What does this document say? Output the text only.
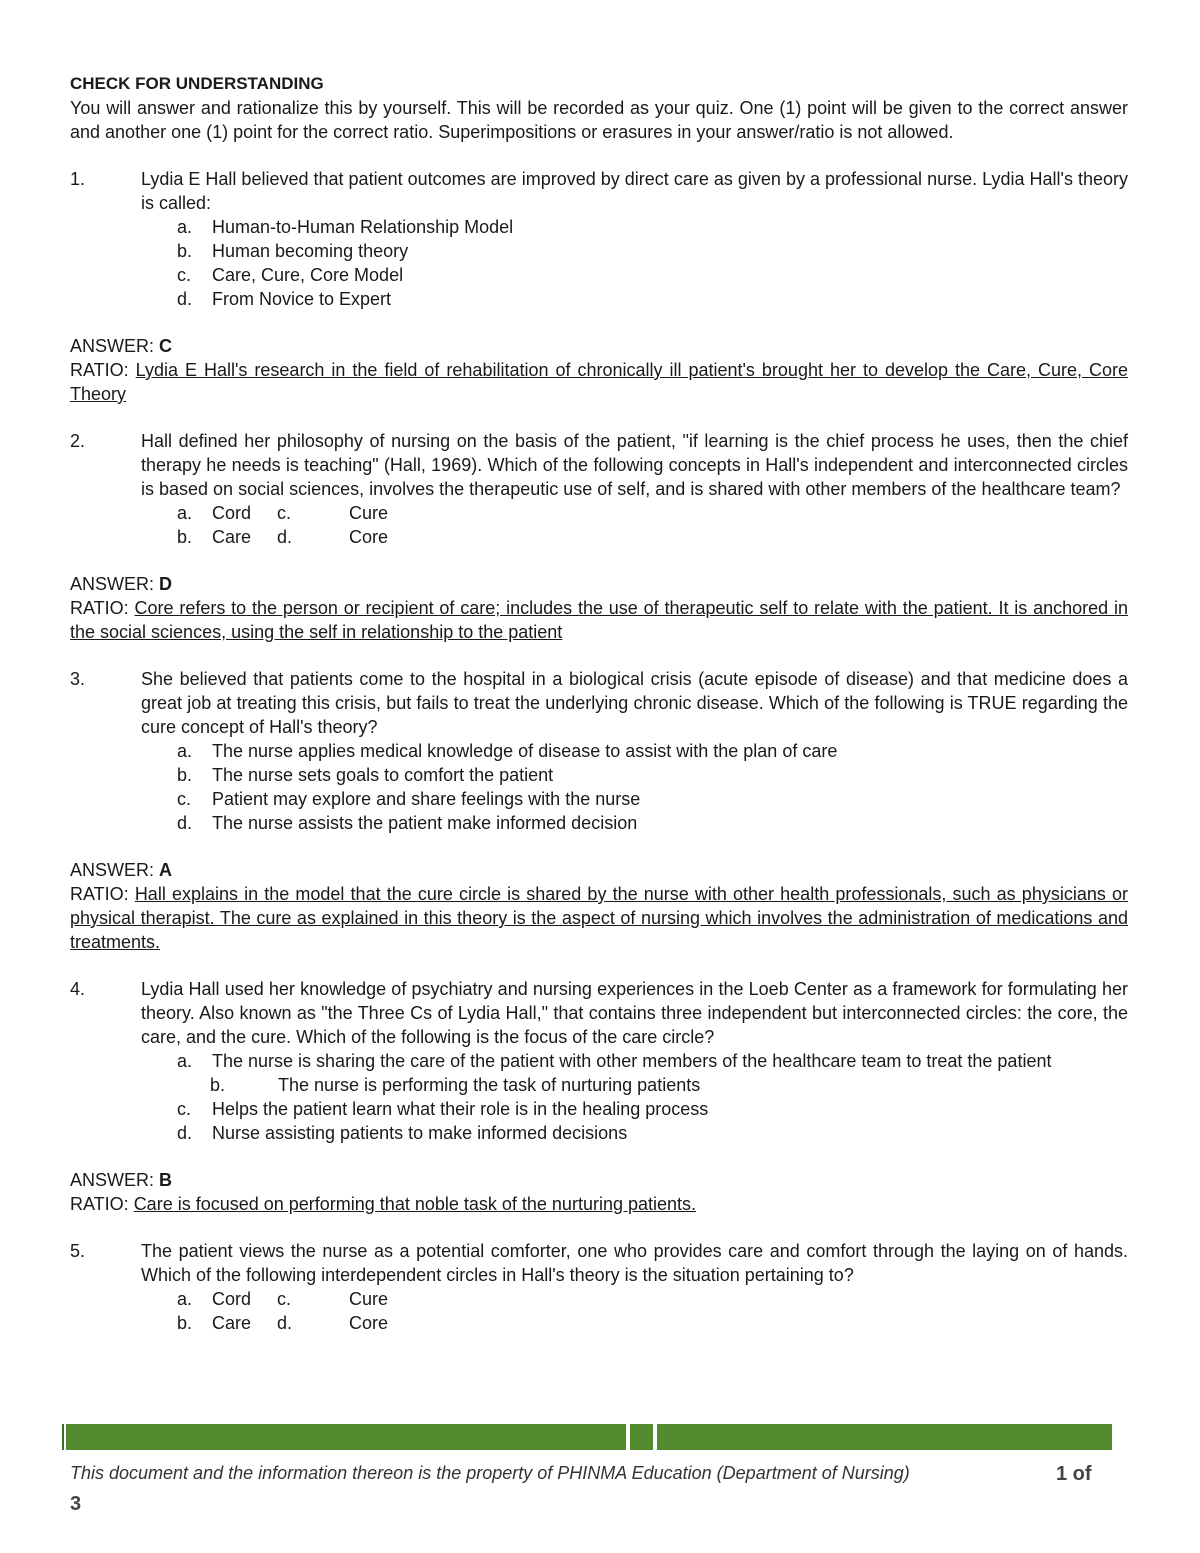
CHECK FOR UNDERSTANDING

You will answer and rationalize this by yourself. This will be recorded as your quiz. One (1) point will be given to the correct answer and another one (1) point for the correct ratio. Superimpositions or erasures in your answer/ratio is not allowed.

1.	Lydia E Hall believed that patient outcomes are improved by direct care as given by a professional nurse. Lydia Hall's theory is called:
a.	Human-to-Human Relationship Model
b.	Human becoming theory
c.	Care, Cure, Core Model
d.	From Novice to Expert
ANSWER: C
RATIO: Lydia E Hall's research in the field of rehabilitation of chronically ill patient's brought her to develop the Care, Cure, Core Theory
2.	Hall defined her philosophy of nursing on the basis of the patient, "if learning is the chief process he uses, then the chief therapy he needs is teaching" (Hall, 1969). Which of the following concepts in Hall's independent and interconnected circles is based on social sciences, involves the therapeutic use of self, and is shared with other members of the healthcare team?
a.	Cord	c.	Cure
b.	Care	d.	Core
ANSWER: D
RATIO: Core refers to the person or recipient of care; includes the use of therapeutic self to relate with the patient. It is anchored in the social sciences, using the self in relationship to the patient
3.	She believed that patients come to the hospital in a biological crisis (acute episode of disease) and that medicine does a great job at treating this crisis, but fails to treat the underlying chronic disease. Which of the following is TRUE regarding the cure concept of Hall's theory?
a.	The nurse applies medical knowledge of disease to assist with the plan of care
b.	The nurse sets goals to comfort the patient
c.	Patient may explore and share feelings with the nurse
d.	The nurse assists the patient make informed decision
ANSWER: A
RATIO: Hall explains in the model that the cure circle is shared by the nurse with other health professionals, such as physicians or physical therapist. The cure as explained in this theory is the aspect of nursing which involves the administration of medications and treatments.
4.	Lydia Hall used her knowledge of psychiatry and nursing experiences in the Loeb Center as a framework for formulating her theory. Also known as "the Three Cs of Lydia Hall," that contains three independent but interconnected circles: the core, the care, and the cure. Which of the following is the focus of the care circle?
a.	The nurse is sharing the care of the patient with other members of the healthcare team to treat the patient
b.	The nurse is performing the task of nurturing patients
c.	Helps the patient learn what their role is in the healing process
d.	Nurse assisting patients to make informed decisions
ANSWER: B
RATIO: Care is focused on performing that noble task of the nurturing patients.
5.	The patient views the nurse as a potential comforter, one who provides care and comfort through the laying on of hands. Which of the following interdependent circles in Hall's theory is the situation pertaining to?
a.	Cord	c.	Cure
b.	Care	d.	Core
This document and the information thereon is the property of PHINMA Education (Department of Nursing)	1 of
3
